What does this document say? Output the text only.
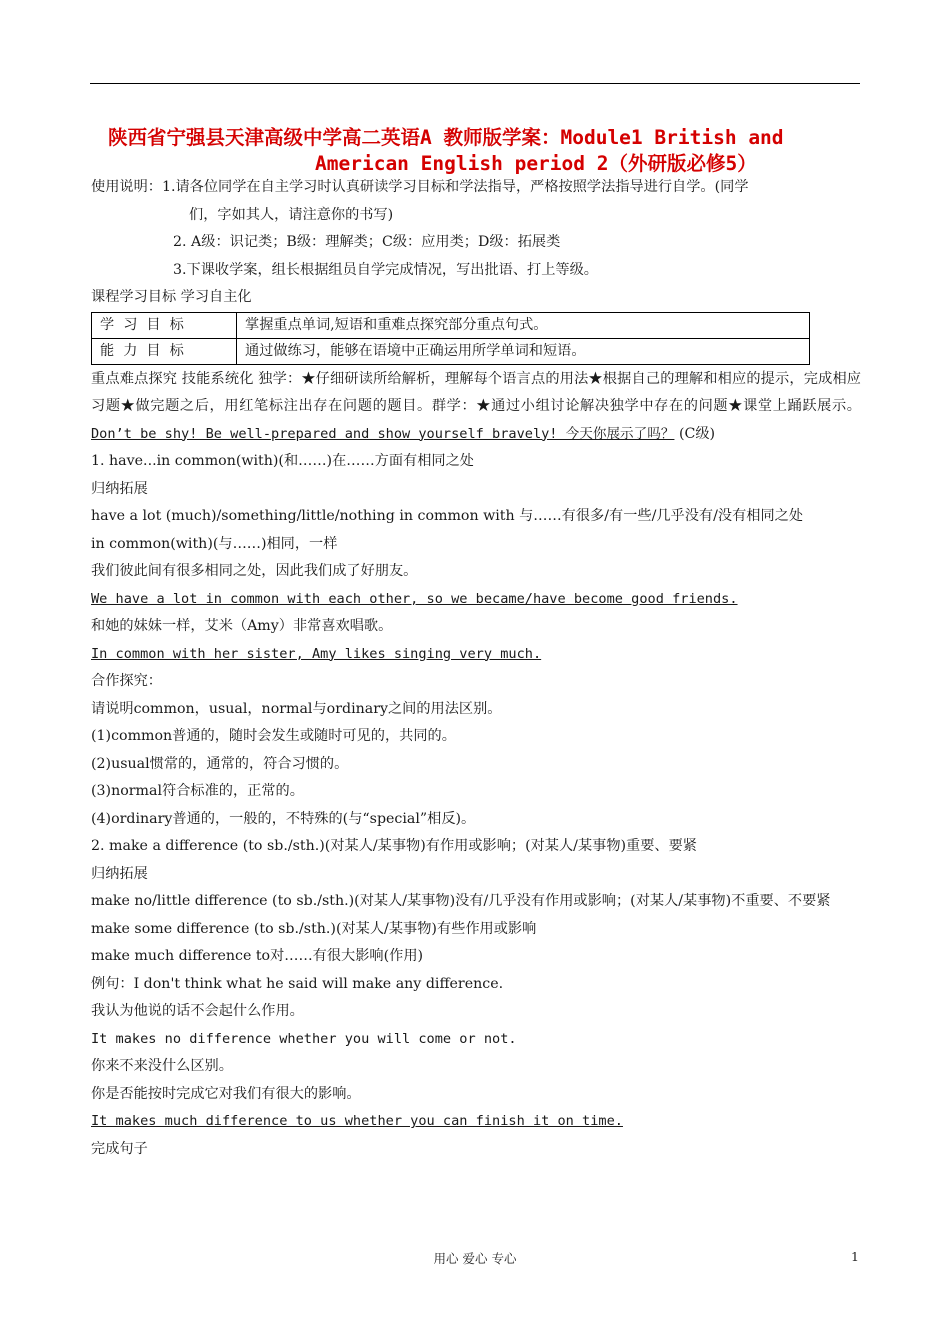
陕西省宁强县天津高级中学高二英语A 教师版学案：Module1 British and
American English period 2（外研版必修5）
使用说明：1.请各位同学在自主学习时认真研读学习目标和学法指导，严格按照学法指导进行自学。(同学
们，字如其人，请注意你的书写)
2. A级：识记类；B级：理解类；C级：应用类；D级：拓展类
3.下课收学案，组长根据组员自学完成情况，写出批语、打上等级。
课程学习目标 学习自主化
学习目标	掌握重点单词,短语和重难点探究部分重点句式。
能力目标	通过做练习，能够在语境中正确运用所学单词和短语。
重点难点探究 技能系统化 独学：★仔细研读所给解析，理解每个语言点的用法★根据自己的理解和相应的提示，完成相应习题★做完题之后，用红笔标注出存在问题的题目。群学：★通过小组讨论解决独学中存在的问题★课堂上踊跃展示。Don’t be shy! Be well-prepared and show yourself bravely! 今天你展示了吗？ (C级)
1. have...in common(with)(和……)在……方面有相同之处
归纳拓展
have a lot (much)/something/little/nothing in common with 与……有很多/有一些/几乎没有/没有相同之处
in common(with)(与……)相同，一样
我们彼此间有很多相同之处，因此我们成了好朋友。
We have a lot in common with each other, so we became/have become good friends.
和她的妹妹一样，艾米（Amy）非常喜欢唱歌。
In common with her sister, Amy likes singing very much.
合作探究：
请说明common，usual，normal与ordinary之间的用法区别。
(1)common普通的，随时会发生或随时可见的，共同的。
(2)usual惯常的，通常的，符合习惯的。
(3)normal符合标准的，正常的。
(4)ordinary普通的，一般的，不特殊的(与“special”相反)。
2. make a difference (to sb./sth.)(对某人/某事物)有作用或影响；(对某人/某事物)重要、要紧
归纳拓展
make no/little difference (to sb./sth.)(对某人/某事物)没有/几乎没有作用或影响；(对某人/某事物)不重要、不要紧
make some difference (to sb./sth.)(对某人/某事物)有些作用或影响
make much difference to对……有很大影响(作用)
例句：I don't think what he said will make any difference.
我认为他说的话不会起什么作用。
It makes no difference whether you will come or not.
你来不来没什么区别。
你是否能按时完成它对我们有很大的影响。
It makes much difference to us whether you can finish it on time.
完成句子
用心 爱心 专心	1
